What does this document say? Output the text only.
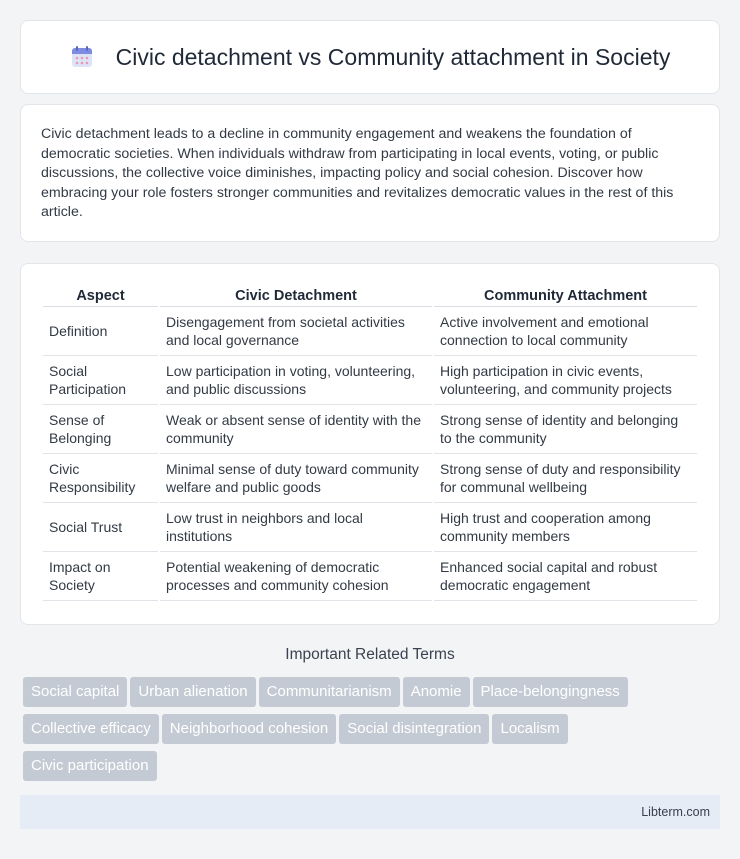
Civic detachment vs Community attachment in Society

Civic detachment leads to a decline in community engagement and weakens the foundation of democratic societies. When individuals withdraw from participating in local events, voting, or public discussions, the collective voice diminishes, impacting policy and social cohesion. Discover how embracing your role fosters stronger communities and revitalizes democratic values in the rest of this article.

Aspect	Civic Detachment	Community Attachment
Definition	Disengagement from societal activities and local governance	Active involvement and emotional connection to local community
Social Participation	Low participation in voting, volunteering, and public discussions	High participation in civic events, volunteering, and community projects
Sense of Belonging	Weak or absent sense of identity with the community	Strong sense of identity and belonging to the community
Civic Responsibility	Minimal sense of duty toward community welfare and public goods	Strong sense of duty and responsibility for communal wellbeing
Social Trust	Low trust in neighbors and local institutions	High trust and cooperation among community members
Impact on Society	Potential weakening of democratic processes and community cohesion	Enhanced social capital and robust democratic engagement
Important Related Terms
Social capital Urban alienation Communitarianism Anomie Place-belongingness
Collective efficacy Neighborhood cohesion Social disintegration Localism
Civic participation
Libterm.com
